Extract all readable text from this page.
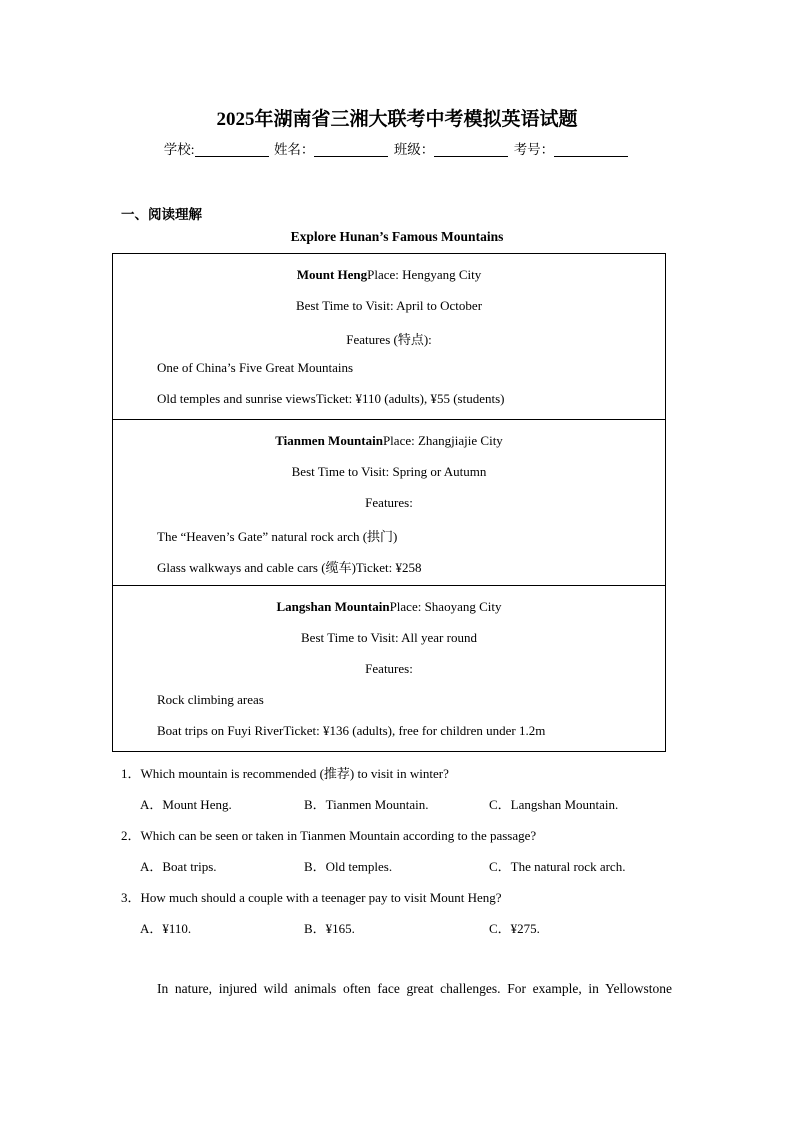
2025年湖南省三湘大联考中考模拟英语试题
学校:	姓名：	班级：	考号：
一、阅读理解
Explore Hunan’s Famous Mountains
Mount HengPlace: Hengyang City
Best Time to Visit: April to October
Features (特点):
One of China’s Five Great Mountains
Old temples and sunrise viewsTicket: ¥110 (adults), ¥55 (students)

Tianmen MountainPlace: Zhangjiajie City
Best Time to Visit: Spring or Autumn
Features:
The “Heaven’s Gate” natural rock arch (拱门)
Glass walkways and cable cars (缆车)Ticket: ¥258

Langshan MountainPlace: Shaoyang City
Best Time to Visit: All year round
Features:
Rock climbing areas
Boat trips on Fuyi RiverTicket: ¥136 (adults), free for children under 1.2m
1．Which mountain is recommended (推荐) to visit in winter?
A．Mount Heng.	B．Tianmen Mountain.	C．Langshan Mountain.
2．Which can be seen or taken in Tianmen Mountain according to the passage?
A．Boat trips.	B．Old temples.	C．The natural rock arch.
3．How much should a couple with a teenager pay to visit Mount Heng?
A．¥110.	B．¥165.	C．¥275.
In nature, injured wild animals often face great challenges. For example, in Yellowstone
